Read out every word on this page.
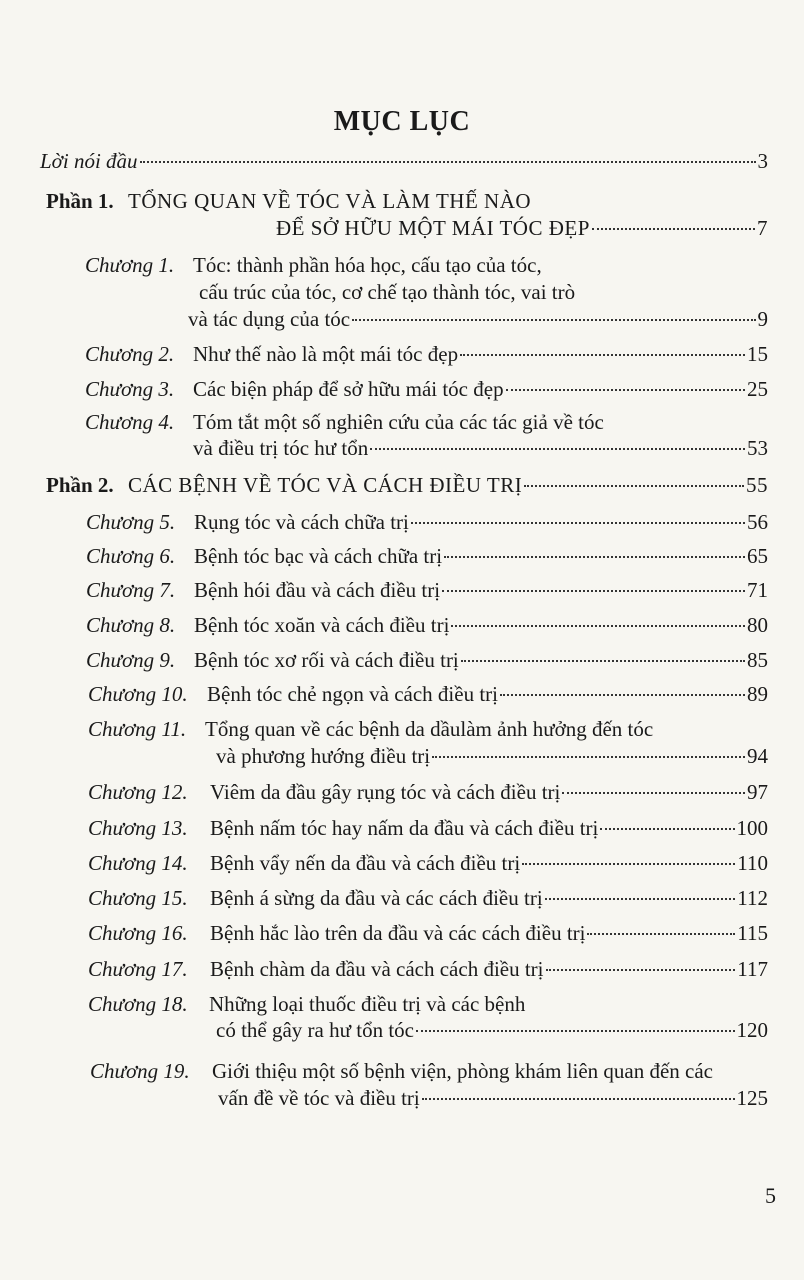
MỤC LỤC
Lời nói đầu	3
Phần 1. TỔNG QUAN VỀ TÓC VÀ LÀM THẾ NÀO
ĐỂ SỞ HỮU MỘT MÁI TÓC ĐẸP	7
Chương 1. Tóc: thành phần hóa học, cấu tạo của tóc,
cấu trúc của tóc, cơ chế tạo thành tóc, vai trò
và tác dụng của tóc	9
Chương 2. Như thế nào là một mái tóc đẹp	15
Chương 3. Các biện pháp để sở hữu mái tóc đẹp	25
Chương 4. Tóm tắt một số nghiên cứu của các tác giả về tóc
và điều trị tóc hư tổn	53
Phần 2. CÁC BỆNH VỀ TÓC VÀ CÁCH ĐIỀU TRỊ	55
Chương 5. Rụng tóc và cách chữa trị	56
Chương 6. Bệnh tóc bạc và cách chữa trị	65
Chương 7. Bệnh hói đầu và cách điều trị	71
Chương 8. Bệnh tóc xoăn và cách điều trị	80
Chương 9. Bệnh tóc xơ rối và cách điều trị	85
Chương 10. Bệnh tóc chẻ ngọn và cách điều trị	89
Chương 11. Tổng quan về các bệnh da dầulàm ảnh hưởng đến tóc
và phương hướng điều trị	94
Chương 12. Viêm da đầu gây rụng tóc và cách điều trị	97
Chương 13. Bệnh nấm tóc hay nấm da đầu và cách điều trị	100
Chương 14. Bệnh vẩy nến da đầu và cách điều trị	110
Chương 15. Bệnh á sừng da đầu và các cách điều trị	112
Chương 16. Bệnh hắc lào trên da đầu và các cách điều trị	115
Chương 17. Bệnh chàm da đầu và cách cách điều trị	117
Chương 18. Những loại thuốc điều trị và các bệnh
có thể gây ra hư tổn tóc	120
Chương 19. Giới thiệu một số bệnh viện, phòng khám liên quan đến các
vấn đề về tóc và điều trị	125
5
